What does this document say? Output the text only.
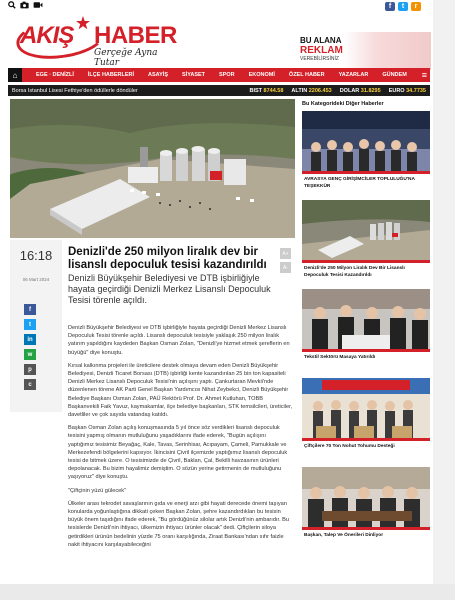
f	t	r
AKIŞ HABER
Gerçeğe Ayna Tutar
BU ALANA
REKLAM
VEREBİLİRSİNİZ
⌂	EGE · DENİZLİ	İLÇE HABERLERİ	ASAYİŞ	SİYASET	SPOR	EKONOMİ	ÖZEL HABER	YAZARLAR	GÜNDEM ≡
Borsa İstanbul Lisesi Fethiye'den ödüllerle döndüler	BIST 8744.58 ALTIN 2206.453 DOLAR 31.8295 EURO 34.7735
16:18
06 Mart 2024
Denizli'de 250 milyon liralık dev bir lisanslı depoculuk tesisi kazandırıldı
Denizli Büyükşehir Belediyesi ve DTB işbirliğiyle hayata geçirdiği Denizli Merkez Lisanslı Depoculuk Tesisi törenle açıldı.
A+
A-
f
t
in
w
p
c

Denizli Büyükşehir Belediyesi ve DTB işbirliğiyle hayata geçirdiği Denizli Merkez Lisanslı Depoculuk Tesisi törenle açıldı. Lisanslı depoculuk tesisiyle yaklaşık 250 milyon liralık yatırım yapıldığını kaydeden Başkan Osman Zolan, "Denizli'ye hizmet etmek şereflerin en büyüğü" diye konuştu.

Kırsal kalkınma projeleri ile üreticilere destek olmaya devam eden Denizli Büyükşehir Belediyesi, Denizli Ticaret Borsası (DTB) işbirliği kente kazandırılan 25 bin ton kapasiteli Denizli Merkez Lisanslı Depoculuk Tesisi'nin açılışını yaptı. Çankurtaran Mevkii'nde düzenlenen törene AK Parti Genel Başkan Yardımcısı Nihat Zeybekci, Denizli Büyükşehir Belediye Başkanı Osman Zolan, PAÜ Rektörü Prof. Dr. Ahmet Kutluhan, TOBB Başkanvekili Faik Yavuz, kaymakamlar, ilçe belediye başkanları, STK temsilcileri, üreticiler, davetliler ve çok sayıda vatandaş katıldı.

Başkan Osman Zolan açılış konuşmasında 5 yıl önce söz verdikleri lisanslı depoculuk tesisini yapmış olmanın mutluluğunu yaşadıklarını ifade ederek, "Bugün açılışını yaptığımız tesisimiz Beyağaç, Kale, Tavas, Serinhisar, Acıpayam, Çameli, Pamukkale ve Merkezefendi bölgelerini kapsıyor. İkincisini Çivril ilçemizde yaptığımız lisanslı depoculuk tesisi de bitmek üzere. O tesisimizde de Çivril, Baklan, Çal, Bekilli havzasının ürünleri depolanacak. Bu bizim hayalimiz demiştim. O sözün yerine getirmenin de mutluluğunu yaşıyoruz" diye konuştu.

"Çiftçinin yüzü gülecek"

Ülkeler arası tekrodet savaşlarının gıda ve enerji arzı gibi hayati derecede önemi taşıyan konularda yoğunlaştığına dikkati çeken Başkan Zolan, şehre kazandırdıkları bu tesisin büyük önem taşıdığını ifade ederek, "Bu gördüğünüz silolar artık Denizli'nin ambarıdır. Bu tesislerde Denizli'nin ihtiyacı, ülkemizin ihtiyacı ürünler olacak" dedi. Çiftçilerin siloya getirdikleri ürünün bedelinin yüzde 75 oranı karşılığında, Ziraat Bankası'ndan sıfır faizle nakit ihtiyacını karşılayabileceğini

Bu Kategorideki Diğer Haberler
AVRASYA GENÇ GİRİŞİMCİLER TOPLULUĞU'NA TEŞEKKÜR
Denizli'de 250 Milyon Liralık Dev Bir Lisanslı Depoculuk Tesisi Kazandırıldı
Tekstil Sektörü Masaya Yatırıldı
Çiftçilere 70 Ton Nohut Tohumu Desteği
Başkan, Talep Ve Önerileri Dinliyor
